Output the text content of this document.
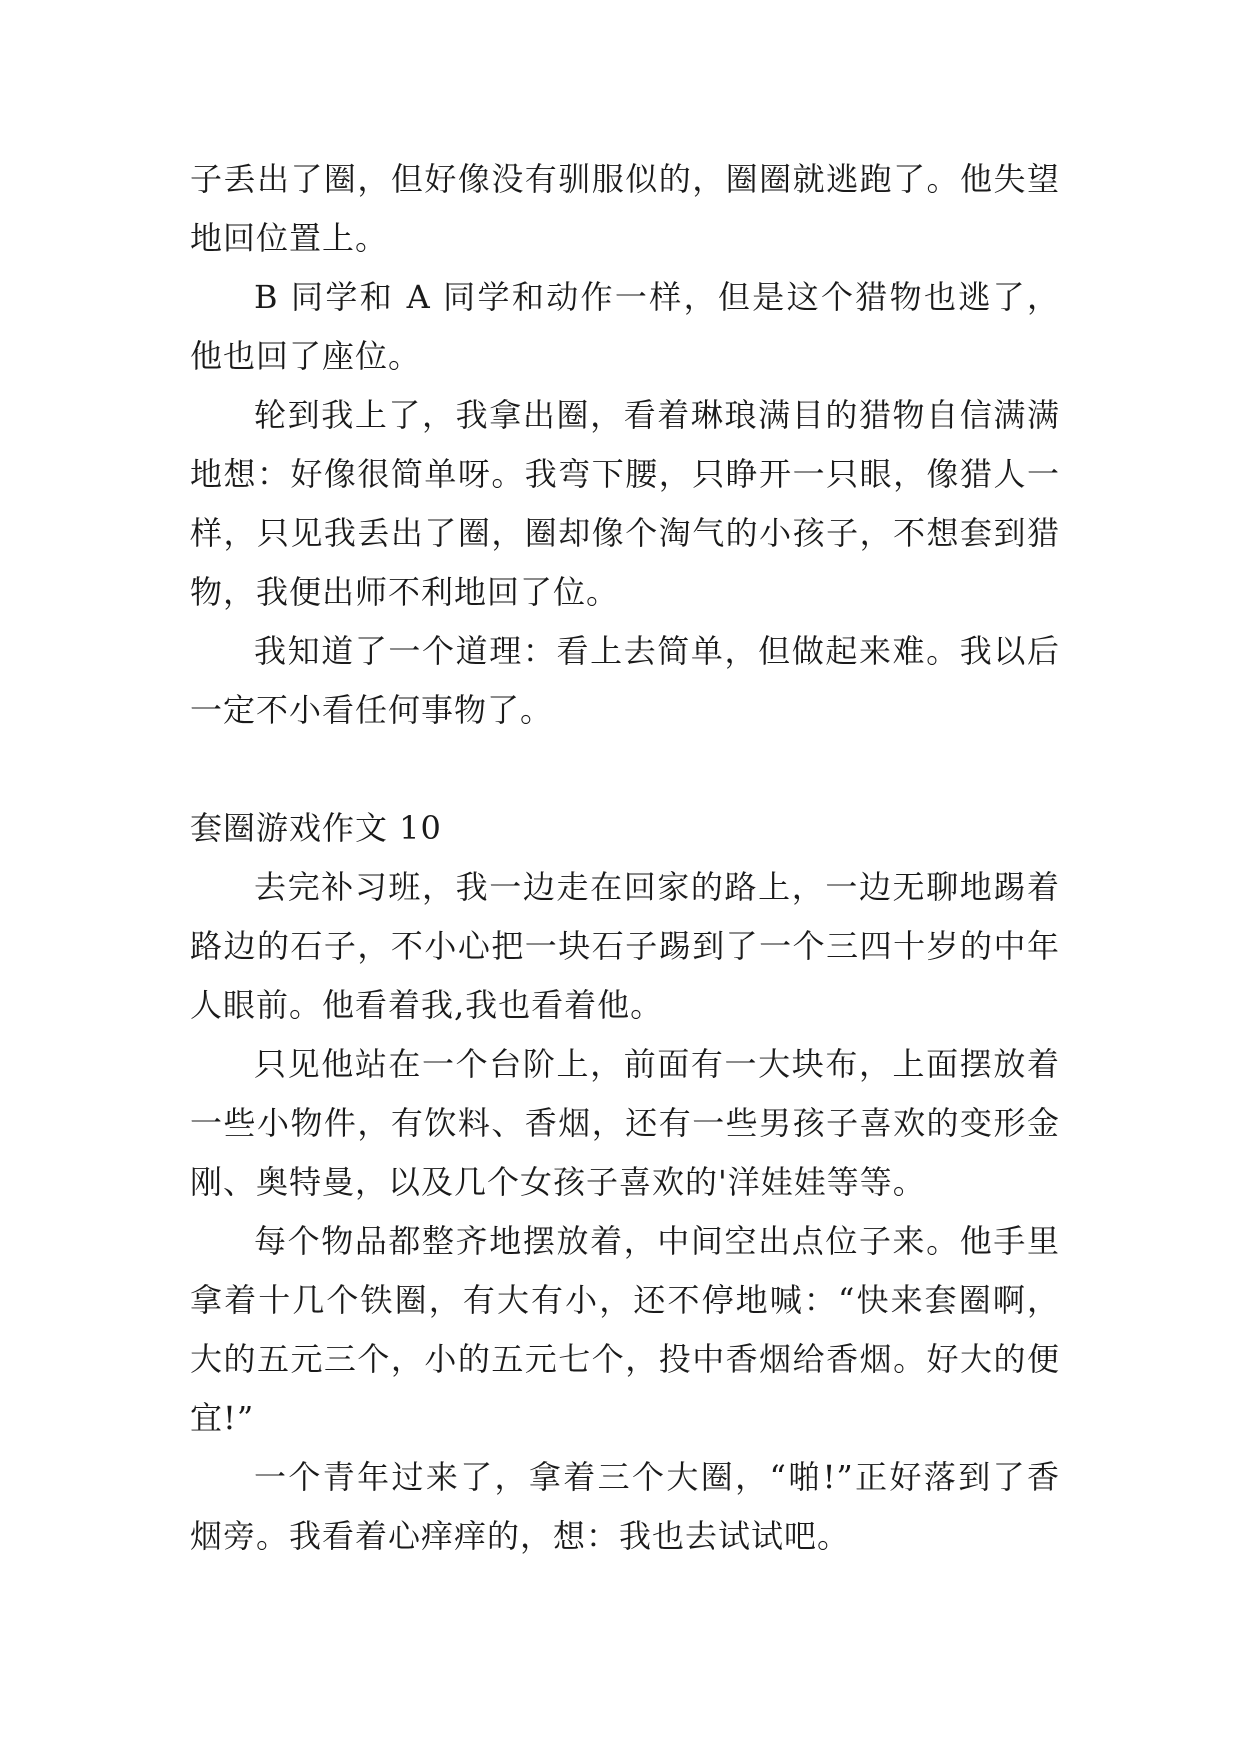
子丢出了圈，但好像没有驯服似的，圈圈就逃跑了。他失望地回位置上。

B 同学和 A 同学和动作一样，但是这个猎物也逃了，他也回了座位。

轮到我上了，我拿出圈，看着琳琅满目的猎物自信满满地想：好像很简单呀。我弯下腰，只睁开一只眼，像猎人一样，只见我丢出了圈，圈却像个淘气的小孩子，不想套到猎物，我便出师不利地回了位。

我知道了一个道理：看上去简单，但做起来难。我以后一定不小看任何事物了。

套圈游戏作文 10

去完补习班，我一边走在回家的路上，一边无聊地踢着路边的石子，不小心把一块石子踢到了一个三四十岁的中年人眼前。他看着我,我也看着他。

只见他站在一个台阶上，前面有一大块布，上面摆放着一些小物件，有饮料、香烟，还有一些男孩子喜欢的变形金刚、奥特曼，以及几个女孩子喜欢的'洋娃娃等等。

每个物品都整齐地摆放着，中间空出点位子来。他手里拿着十几个铁圈，有大有小，还不停地喊：“快来套圈啊，大的五元三个，小的五元七个，投中香烟给香烟。好大的便宜!”

一个青年过来了，拿着三个大圈，“啪!”正好落到了香烟旁。我看着心痒痒的，想：我也去试试吧。
